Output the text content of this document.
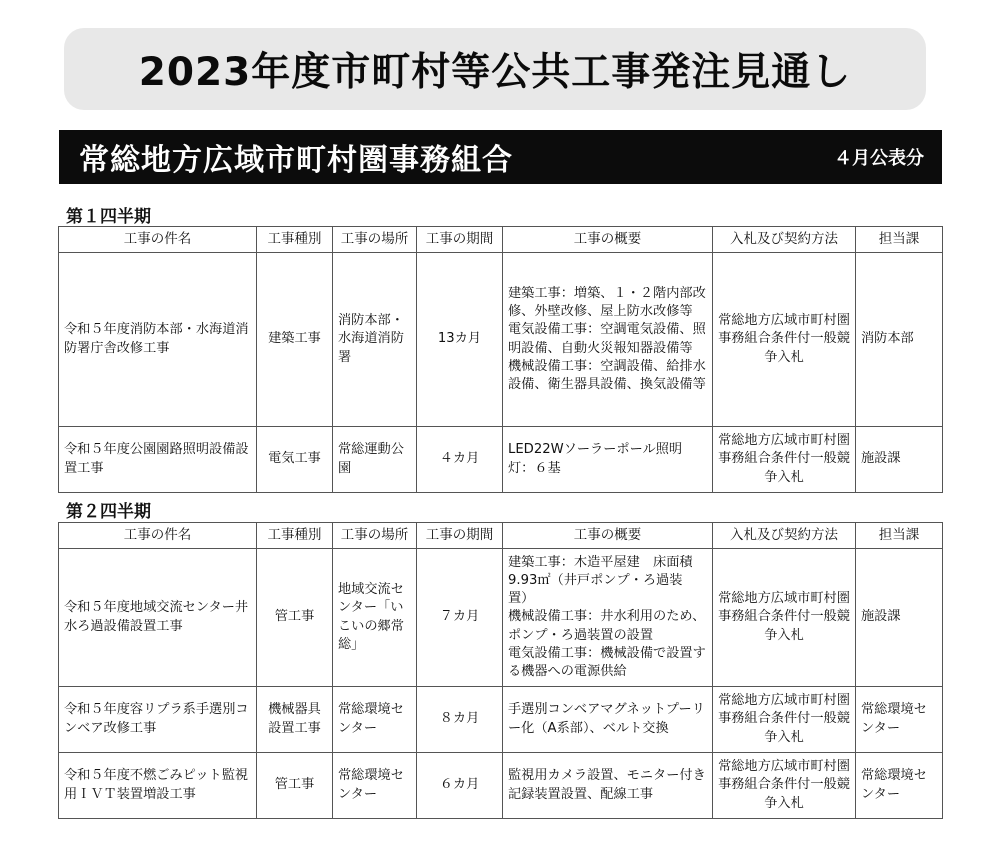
2023年度市町村等公共工事発注見通し
常総地方広域市町村圏事務組合	４月公表分
第１四半期
工事の件名	工事種別	工事の場所	工事の期間	工事の概要	入札及び契約方法	担当課
令和５年度消防本部・水海道消防署庁舎改修工事	建築工事	消防本部・水海道消防署	13カ月	建築工事：増築、１・２階内部改修、外壁改修、屋上防水改修等
電気設備工事：空調電気設備、照明設備、自動火災報知器設備等
機械設備工事：空調設備、給排水設備、衛生器具設備、換気設備等	常総地方広域市町村圏事務組合条件付一般競争入札	消防本部
令和５年度公園園路照明設備設置工事	電気工事	常総運動公園	４カ月	LED22Wソーラーポール照明灯：６基	常総地方広域市町村圏事務組合条件付一般競争入札	施設課
第２四半期
工事の件名	工事種別	工事の場所	工事の期間	工事の概要	入札及び契約方法	担当課
令和５年度地域交流センター井水ろ過設備設置工事	管工事	地域交流センター「いこいの郷常総」	７カ月	建築工事：木造平屋建　床面積9.93㎡（井戸ポンプ・ろ過装置）
機械設備工事：井水利用のため、ポンプ・ろ過装置の設置
電気設備工事：機械設備で設置する機器への電源供給	常総地方広域市町村圏事務組合条件付一般競争入札	施設課
令和５年度容リプラ系手選別コンベア改修工事	機械器具設置工事	常総環境センター	８カ月	手選別コンベアマグネットプーリー化（A系部）、ベルト交換	常総地方広域市町村圏事務組合条件付一般競争入札	常総環境センター
令和５年度不燃ごみピット監視用ＩＶＴ装置増設工事	管工事	常総環境センター	６カ月	監視用カメラ設置、モニター付き記録装置設置、配線工事	常総地方広域市町村圏事務組合条件付一般競争入札	常総環境センター
